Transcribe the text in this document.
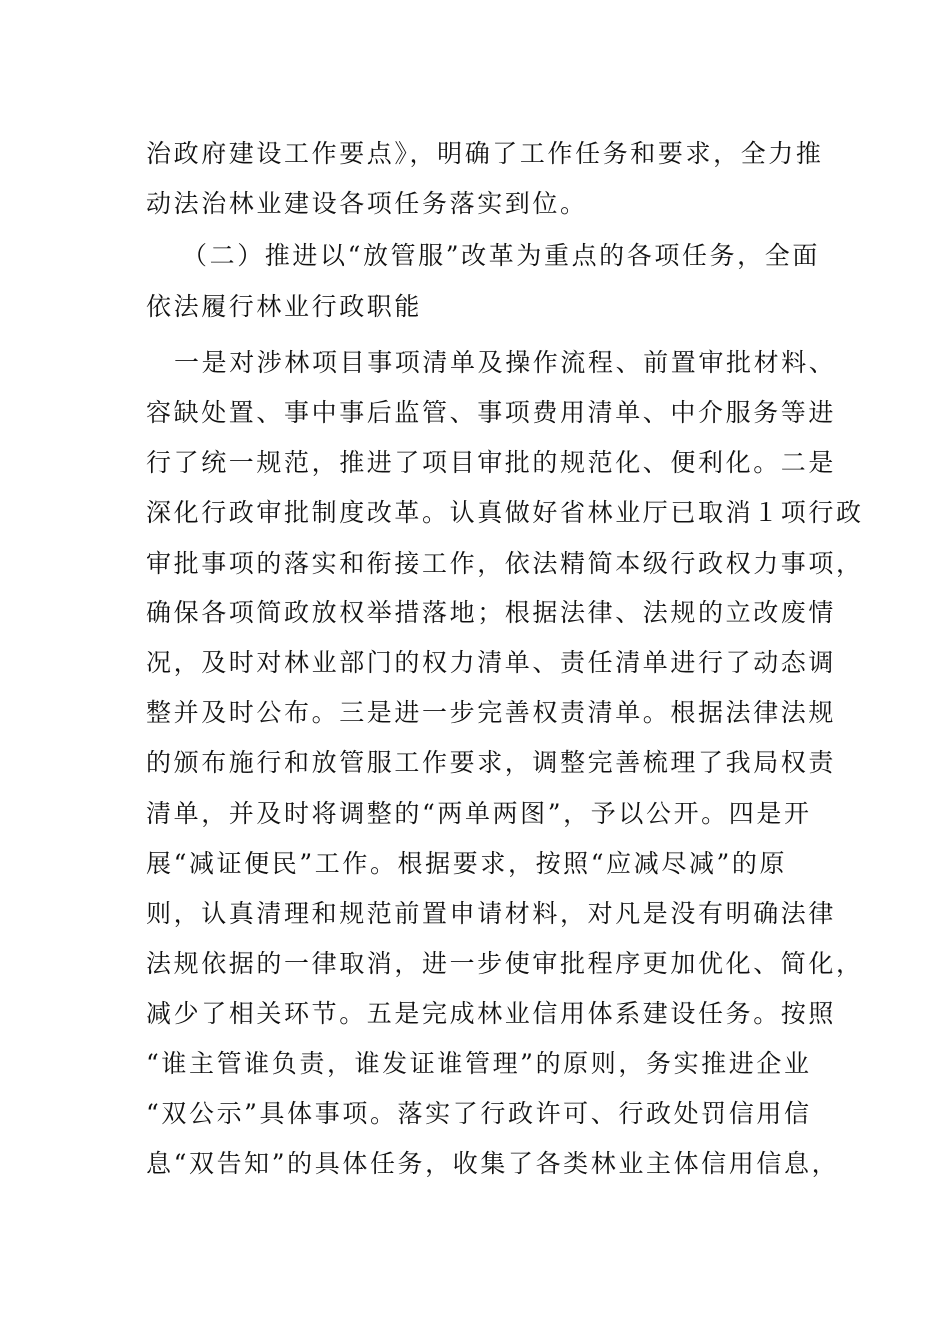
治政府建设工作要点》，明确了工作任务和要求，全力推
动法治林业建设各项任务落实到位。
（二）推进以“放管服”改革为重点的各项任务，全面
依法履行林业行政职能
一是对涉林项目事项清单及操作流程、前置审批材料、
容缺处置、事中事后监管、事项费用清单、中介服务等进
行了统一规范，推进了项目审批的规范化、便利化。二是
深化行政审批制度改革。认真做好省林业厅已取消１项行政
审批事项的落实和衔接工作，依法精简本级行政权力事项，
确保各项简政放权举措落地；根据法律、法规的立改废情
况，及时对林业部门的权力清单、责任清单进行了动态调
整并及时公布。三是进一步完善权责清单。根据法律法规
的颁布施行和放管服工作要求，调整完善梳理了我局权责
清单，并及时将调整的“两单两图”，予以公开。四是开
展“减证便民”工作。根据要求，按照“应减尽减”的原
则，认真清理和规范前置申请材料，对凡是没有明确法律
法规依据的一律取消，进一步使审批程序更加优化、简化，
减少了相关环节。五是完成林业信用体系建设任务。按照
“谁主管谁负责，谁发证谁管理”的原则，务实推进企业
“双公示”具体事项。落实了行政许可、行政处罚信用信
息“双告知”的具体任务，收集了各类林业主体信用信息，
